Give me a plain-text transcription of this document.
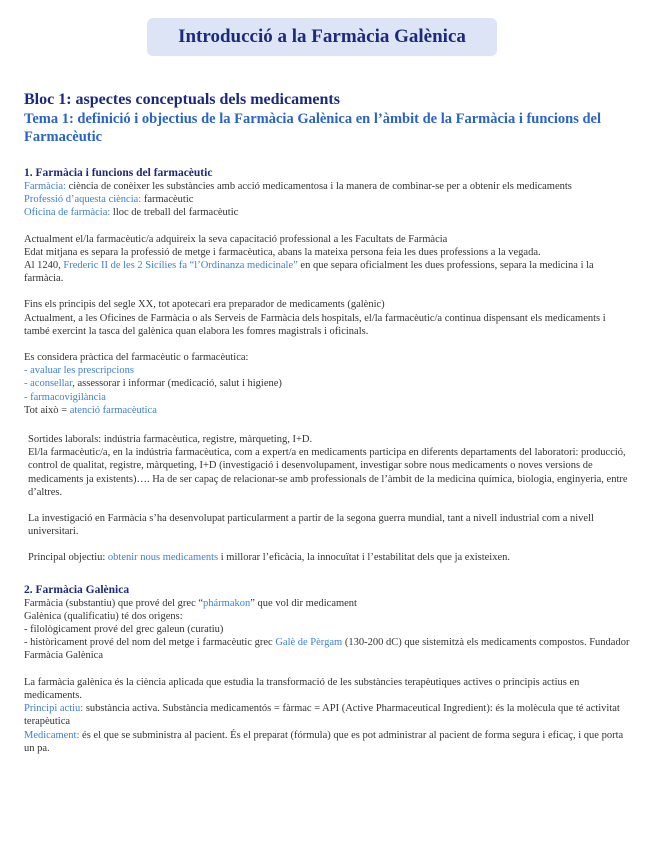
Introducció a la Farmàcia Galènica
Bloc 1: aspectes conceptuals dels medicaments
Tema 1: definició i objectius de la Farmàcia Galènica en l’àmbit de la Farmàcia i funcions del Farmacèutic
1. Farmàcia i funcions del farmacèutic

Farmàcia: ciència de conèixer les substàncies amb acció medicamentosa i la manera de combinar-se per a obtenir els medicaments

Professió d’aquesta ciència: farmacèutic

Oficina de farmàcia: lloc de treball del farmacèutic

Actualment el/la farmacèutic/a adquireix la seva capacitació professional a les Facultats de Farmàcia

Edat mitjana es separa la professió de metge i farmacèutica, abans la mateixa persona feia les dues professions a la vegada.

Al 1240, Frederic II de les 2 Sicílies fa “l’Ordinanza medicinale” en que separa oficialment les dues professions, separa la medicina i la farmàcia.

Fins els principis del segle XX, tot apotecari era preparador de medicaments (galènic)

Actualment, a les Oficines de Farmàcia o als Serveis de Farmàcia dels hospitals, el/la farmacèutic/a continua dispensant els medicaments i també exercint la tasca del galènica quan elabora les fomres magistrals i oficinals.

Es considera pràctica del farmacèutic o farmacèutica:

- avaluar les prescripcions

- aconsellar, assessorar i informar (medicació, salut i higiene)

- farmacovigilància

Tot això = atenció farmacèutica

Sortides laborals: indústria farmacèutica, registre, màrqueting, I+D.

El/la farmacèutic/a, en la indústria farmacèutica, com a expert/a en medicaments participa en diferents departaments del laboratori: producció, control de qualitat, registre, màrqueting, I+D (investigació i desenvolupament, investigar sobre nous medicaments o noves versions de medicaments ja existents)…. Ha de ser capaç de relacionar-se amb professionals de l’àmbit de la medicina química, biologia, enginyeria, entre d’altres.

La investigació en Farmàcia s’ha desenvolupat particularment a partir de la segona guerra mundial, tant a nivell industrial com a nivell universitari.

Principal objectiu: obtenir nous medicaments i millorar l’eficàcia, la innocuïtat i l’estabilitat dels que ja existeixen.

2. Farmàcia Galènica

Farmàcia (substantiu) que prové del grec “phármakon” que vol dir medicament

Galènica (qualificatiu) té dos origens:

- filològicament prové del grec galeun (curatiu)

- històricament prové del nom del metge i farmacèutic grec Galè de Pèrgam (130-200 dC) que sistemitzà els medicaments compostos. Fundador Farmàcia Galènica

La farmàcia galènica és la ciència aplicada que estudia la transformació de les substàncies terapèutiques actives o principis actius en medicaments.

Principi actiu: substància activa. Substància medicamentós = fàrmac = API (Active Pharmaceutical Ingredient): és la molècula que té activitat terapèutica

Medicament: és el que se subministra al pacient. És el preparat (fórmula) que es pot administrar al pacient de forma segura i eficaç, i que porta un pa.
